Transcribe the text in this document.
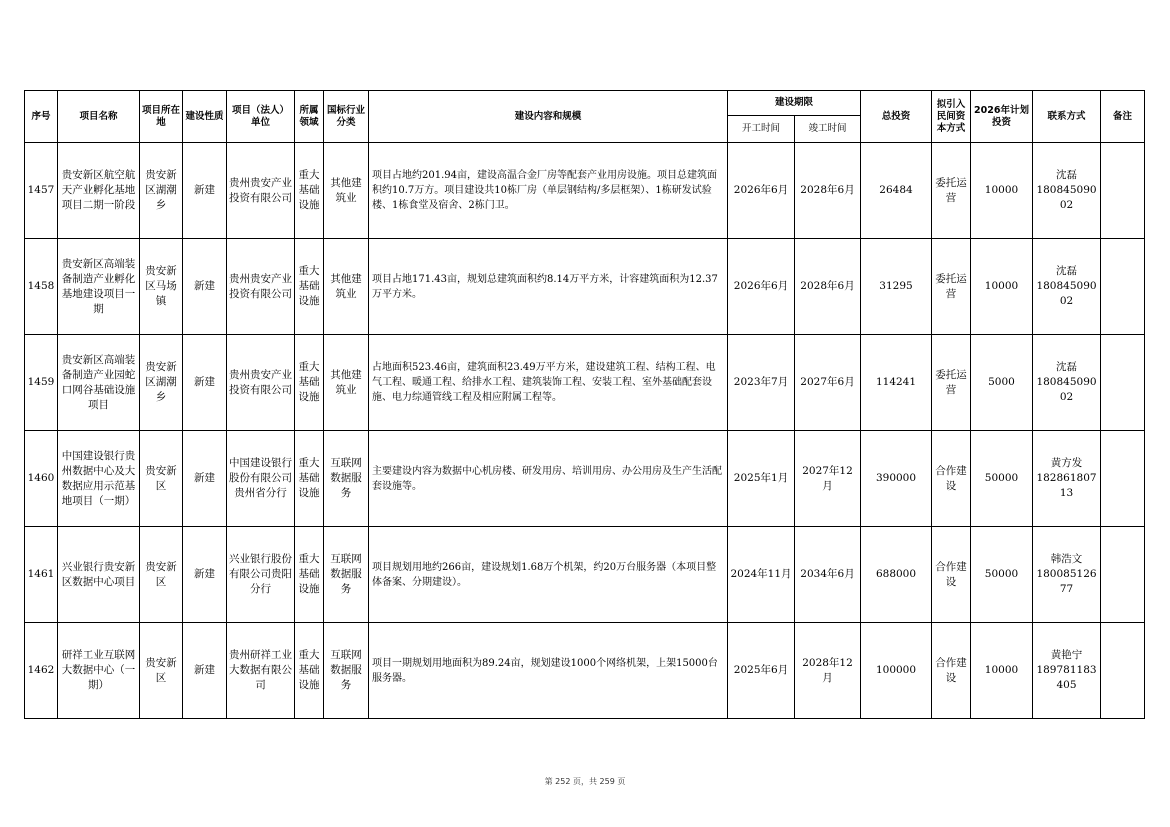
序号	项目名称	项目所在地	建设性质	项目（法人）单位	所属领域	国标行业分类	建设内容和规模	建设期限		总投资	拟引入民间资本方式	2026年计划投资	联系方式	备注
								开工时间	竣工时间					
1457	贵安新区航空航天产业孵化基地项目二期一阶段	贵安新区湖潮乡	新建	贵州贵安产业投资有限公司	重大基础设施	其他建筑业	项目占地约201.94亩，建设高温合金厂房等配套产业用房设施。项目总建筑面积约10.7万方。项目建设共10栋厂房（单层钢结构/多层框架）、1栋研发试验楼、1栋食堂及宿舍、2栋门卫。	2026年6月	2028年6月	26484	委托运营	10000	沈磊
18084509002	
1458	贵安新区高端装备制造产业孵化基地建设项目一期	贵安新区马场镇	新建	贵州贵安产业投资有限公司	重大基础设施	其他建筑业	项目占地171.43亩，规划总建筑面积约8.14万平方米，计容建筑面积为12.37万平方米。	2026年6月	2028年6月	31295	委托运营	10000	沈磊
18084509002	
1459	贵安新区高端装备制造产业园蛇口网谷基础设施项目	贵安新区湖潮乡	新建	贵州贵安产业投资有限公司	重大基础设施	其他建筑业	占地面积523.46亩，建筑面积23.49万平方米，建设建筑工程、结构工程、电气工程、暖通工程、给排水工程、建筑装饰工程、安装工程、室外基础配套设施、电力综通管线工程及相应附属工程等。	2023年7月	2027年6月	114241	委托运营	5000	沈磊
18084509002	
1460	中国建设银行贵州数据中心及大数据应用示范基地项目（一期）	贵安新区	新建	中国建设银行股份有限公司贵州省分行	重大基础设施	互联网数据服务	主要建设内容为数据中心机房楼、研发用房、培训用房、办公用房及生产生活配套设施等。	2025年1月	2027年12月	390000	合作建设	50000	黄方发
18286180713	
1461	兴业银行贵安新区数据中心项目	贵安新区	新建	兴业银行股份有限公司贵阳分行	重大基础设施	互联网数据服务	项目规划用地约266亩，建设规划1.68万个机架，约20万台服务器（本项目整体备案、分期建设）。	2024年11月	2034年6月	688000	合作建设	50000	韩浩文
18008512677	
1462	研祥工业互联网大数据中心（一期）	贵安新区	新建	贵州研祥工业大数据有限公司	重大基础设施	互联网数据服务	项目一期规划用地面积为89.24亩，规划建设1000个网络机架，上架15000台服务器。	2025年6月	2028年12月	100000	合作建设	10000	黄艳宁
189781183405	
第 252 页，共 259 页
